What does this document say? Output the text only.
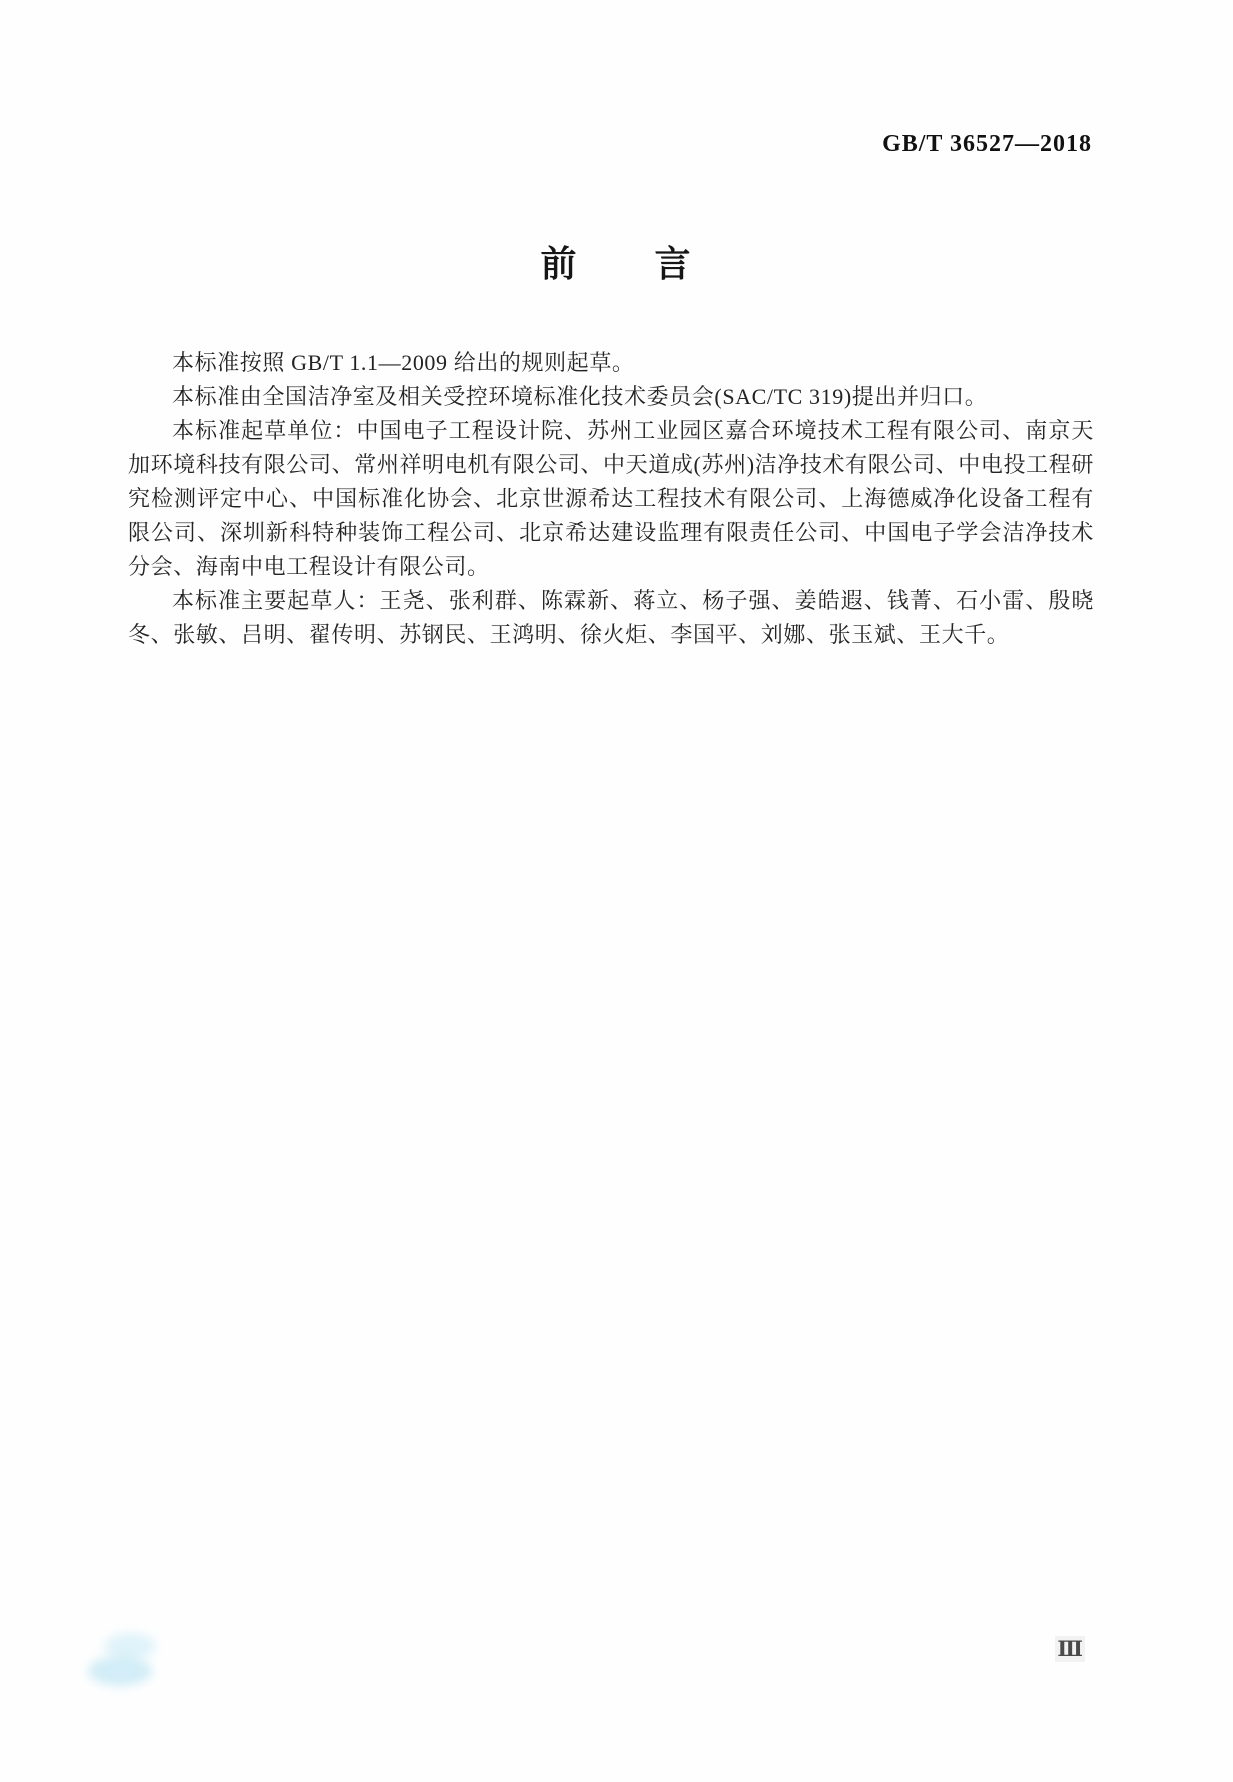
GB/T 36527—2018
前　　言

本标准按照 GB/T 1.1—2009 给出的规则起草。

本标准由全国洁净室及相关受控环境标准化技术委员会(SAC/TC 319)提出并归口。

本标准起草单位：中国电子工程设计院、苏州工业园区嘉合环境技术工程有限公司、南京天加环境科技有限公司、常州祥明电机有限公司、中天道成(苏州)洁净技术有限公司、中电投工程研究检测评定中心、中国标准化协会、北京世源希达工程技术有限公司、上海德威净化设备工程有限公司、深圳新科特种装饰工程公司、北京希达建设监理有限责任公司、中国电子学会洁净技术分会、海南中电工程设计有限公司。

本标准主要起草人：王尧、张利群、陈霖新、蒋立、杨子强、姜皓遐、钱菁、石小雷、殷晓冬、张敏、吕明、翟传明、苏钢民、王鸿明、徐火炬、李国平、刘娜、张玉斌、王大千。

Ⅲ
